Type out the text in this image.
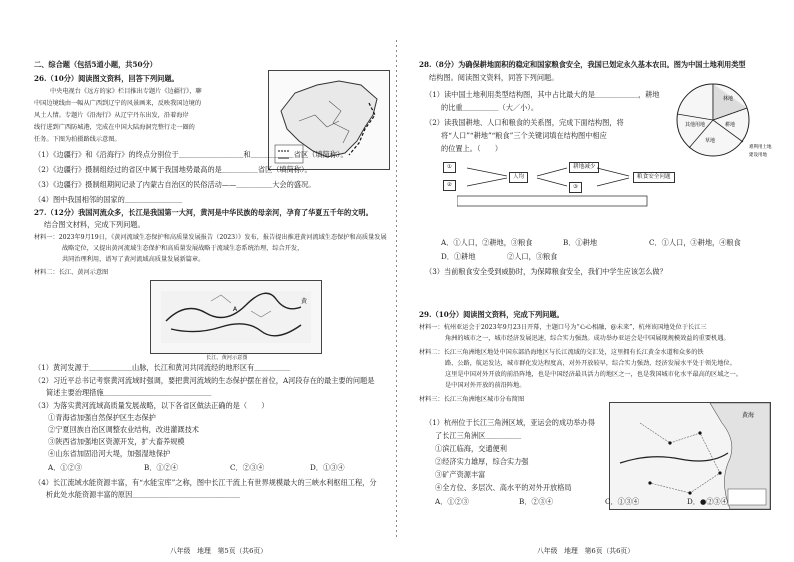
二、综合题（包括5道小题，共50分）
26.（10分）阅读图文资料，回答下列问题。
中央电视台《远方的家》栏目推出专题片《边疆行》，聊
中国边境线由一幅从广西到辽宁的风景画来，反映我国边境的
风土人情。专题片《沿海行》从辽宁丹东出发，沿着海岸
线行进到广西防城港，完成在中国大陆海洞完整行走一圈的
任务。下图为拍摄路线示意图。
（1）《边疆行》和《沿海行》的终点分别位于＿＿＿＿＿＿＿＿＿和＿＿＿＿＿＿省区（填简称）。
（2）《边疆行》摄制组经过的省区中属于我国地势最高的是＿＿＿＿＿省区（填简称）。
（3）《边疆行》摄制组期间记录了内蒙古自治区的民俗活动——＿＿＿＿＿大会的盛况。
（4）图中我国相邻的国家的＿＿＿＿＿＿＿＿
27.（12分）我国河流众多，长江是我国第一大河，黄河是中华民族的母亲河，孕育了华夏五千年的文明。
结合图文材料，完成下列问题。
材料一：2023年9月19日，《黄河流域生态保护和高质量发展报告（2023）》发布，报告提出推进黄河流域生态保护和高质量发展
战略定位，又提出黄河流域生态保护和高质量发展战略于流域生态系统治理，综合开发，
共同治理利用，谱写了黄河流域高质量发展新篇章。
材料二：长江、黄河示意图
黄
A
长江、黄河示意图
（1）黄河发源于＿＿＿＿＿＿山脉，长江和黄河共同流经的地形区有＿＿＿＿＿
（2）习近平总书记考察黄河流域时强调，要把黄河流域的生态保护摆在首位，A河段存在的最主要的问题是
简述主要治理措施＿＿＿＿＿＿＿＿＿＿＿＿＿＿＿
（3）为落实黄河流域高质量发展战略，以下各省区做法正确的是（　　）
①青海省加强自然保护区生态保护
②宁夏回族自治区调整农业结构，改进灌溉技术
③陕西省加强地区资源开发，扩大畜养规模
④山东省加固沿河大堤，加强湿地保护
A．①②③	B．①②④	C．②③④	D．①③④
（4）长江流域水能资源丰富，有“水能宝库”之称，图中长江干流上有世界规模最大的三峡水利枢纽工程，分
析此处水能资源丰富的原因＿＿＿＿＿＿＿＿＿＿＿＿＿＿＿
八年级　地理　第5页（共6页）
28.（8分）为确保耕地面积的稳定和国家粮食安全，我国已划定永久基本农田。图为中国土地利用类型
结构图。阅读图文资料，同答下列问题。
林地
耕地
草地
其他用地
难利用土地
建设用地
（1）读中国土地利用类型结构图，其中占比最大的是＿＿＿＿＿＿，耕地
的比重＿＿＿＿＿（大／小）。
（2）读我国耕地、人口和粮食的关系图，完成下面结构图，将
将“人口”“耕地”“粮食”三个关键词填在结构图中相应
的位置上。（　　）
①
②
人均
耕地减少
③
粮食安全问题
A．①人口，②耕地，③粮食	B．①耕地	C．①人口，③耕地，④粮食
D．①耕地	②人口，③粮食
（3）当前粮食安全受到威胁时，为保障粮食安全，我们中学生应该怎么做？
29.（10分）阅读图文资料，完成下列问题。
材料一：杭州亚运会于2023年9月23日开幕，主题口号为“心心相融，@未来”，杭州该国地处位于长江三
角洲的城市之一，城市经济发展迅速，综合实力强劲。成功举办亚运会是中国展现规模效益的重要机遇。
材料二：长江三角洲地区地处中国东部沿海地区与长江流域的交汇处，这里拥有长江黄金水道和众多的铁
路、公路，航运发达，城市群化发达程度高，对外开放较早，综合实力强劲，经济发展水平处于领先地位。
这里是中国对外开放的前沿阵地，也是中国经济最具活力的地区之一，也是我国城市化水平最高的区域之一。
是中国对外开放的前沿阵地。
材料三：长江三角洲地区城市分布简图
黄海
（1）杭州位于长江三角洲区域，亚运会的成功举办得
了长江三角洲区＿＿＿＿＿
①滨江临海，交通便利
②经济实力雄厚，综合实力强
③矿产资源丰富
④全方位、多层次、高水平的对外开放格局
A．①②③	B．②③④	C．①③④	D．●②③④
八年级　地理　第6页（共6页）
